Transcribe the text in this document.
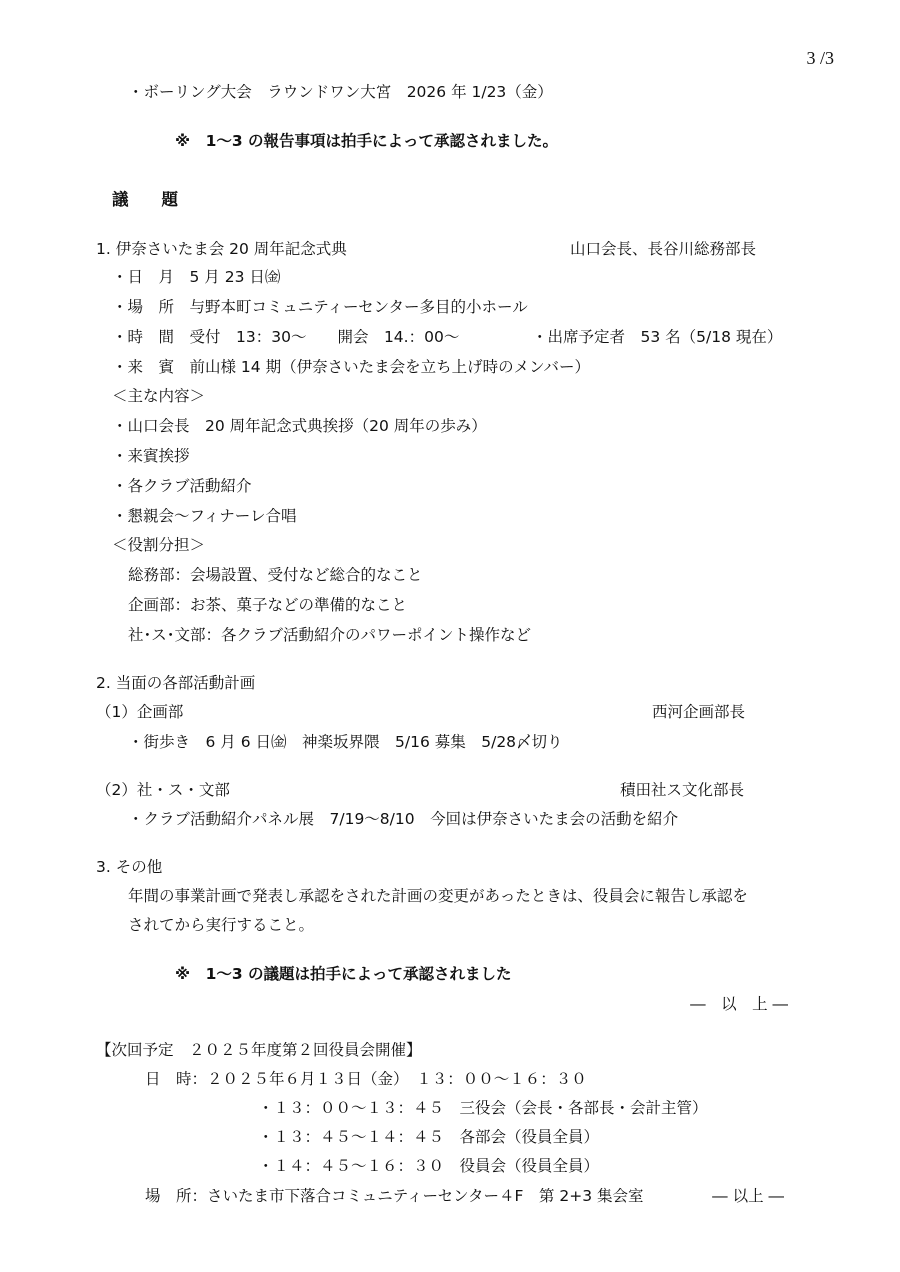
3 /3
・ボーリング大会　ラウンドワン大宮　2026 年 1/23（金）
※　1～3 の報告事項は拍手によって承認されました。
議　　題
1. 伊奈さいたま会 20 周年記念式典	山口会長、長谷川総務部長
・日　月　5 月 23 日㈮
・場　所　与野本町コミュニティーセンター多目的小ホール
・時　間　受付　13：30～　　開会　14.：00～	・出席予定者　53 名（5/18 現在）
・来　賓　前山様 14 期（伊奈さいたま会を立ち上げ時のメンバー）
＜主な内容＞
・山口会長　20 周年記念式典挨拶（20 周年の歩み）
・来賓挨拶
・各クラブ活動紹介
・懇親会～フィナーレ合唱
＜役割分担＞
総務部：会場設置、受付など総合的なこと
企画部：お茶、菓子などの準備的なこと
社･ス･文部：各クラブ活動紹介のパワーポイント操作など
2. 当面の各部活動計画
（1）企画部	西河企画部長
・街歩き　6 月 6 日㈮　神楽坂界隈　5/16 募集　5/28〆切り
（2）社・ス・文部	積田社ス文化部長
・クラブ活動紹介パネル展　7/19～8/10　今回は伊奈さいたま会の活動を紹介
3. その他
年間の事業計画で発表し承認をされた計画の変更があったときは、役員会に報告し承認を
されてから実行すること。
※　1～3 の議題は拍手によって承認されました
―　以　上 ―
【次回予定　２０２５年度第２回役員会開催】
日　時：２０２５年６月１３日（金）　１３：００～１６：３０
・１３：００～１３：４５　三役会（会長・各部長・会計主管）
・１３：４５～１４：４５　各部会（役員全員）
・１４：４５～１６：３０　役員会（役員全員）
場　所：さいたま市下落合コミュニティーセンター４F　第 2+3 集会室	― 以上 ―
